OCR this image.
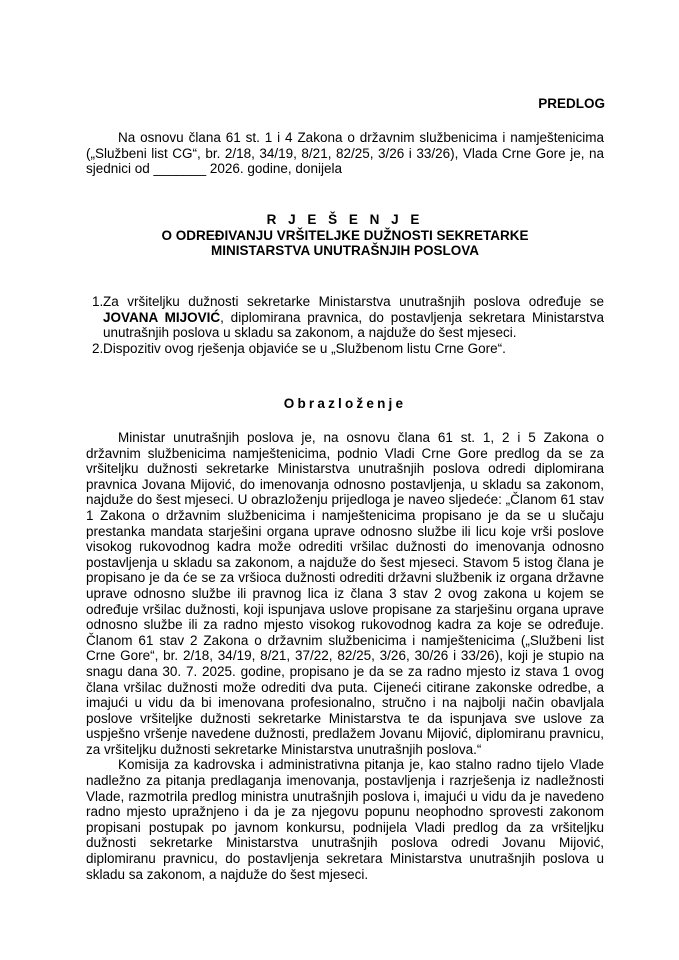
PREDLOG
Na osnovu člana 61 st. 1 i 4 Zakona o državnim službenicima i namještenicima („Službeni list CG“, br. 2/18, 34/19, 8/21, 82/25, 3/26 i 33/26), Vlada Crne Gore je, na sjednici od _______ 2026. godine, donijela
R J E Š E N J E
O ODREĐIVANJU VRŠITELJKE DUŽNOSTI SEKRETARKE
MINISTARSTVA UNUTRAŠNJIH POSLOVA
1. Za vršiteljku dužnosti sekretarke Ministarstva unutrašnjih poslova određuje se JOVANA MIJOVIĆ, diplomirana pravnica, do postavljenja sekretara Ministarstva unutrašnjih poslova u skladu sa zakonom, a najduže do šest mjeseci.
2. Dispozitiv ovog rješenja objaviće se u „Službenom listu Crne Gore“.
Obrazloženje

Ministar unutrašnjih poslova je, na osnovu člana 61 st. 1, 2 i 5 Zakona o državnim službenicima namještenicima, podnio Vladi Crne Gore predlog da se za vršiteljku dužnosti sekretarke Ministarstva unutrašnjih poslova odredi diplomirana pravnica Jovana Mijović, do imenovanja odnosno postavljenja, u skladu sa zakonom, najduže do šest mjeseci. U obrazloženju prijedloga je naveo sljedeće: „Članom 61 stav 1 Zakona o državnim službenicima i namještenicima propisano je da se u slučaju prestanka mandata starješini organa uprave odnosno službe ili licu koje vrši poslove visokog rukovodnog kadra može odrediti vršilac dužnosti do imenovanja odnosno postavljenja u skladu sa zakonom, a najduže do šest mjeseci. Stavom 5 istog člana je propisano je da će se za vršioca dužnosti odrediti državni službenik iz organa državne uprave odnosno službe ili pravnog lica iz člana 3 stav 2 ovog zakona u kojem se određuje vršilac dužnosti, koji ispunjava uslove propisane za starješinu organa uprave odnosno službe ili za radno mjesto visokog rukovodnog kadra za koje se određuje. Članom 61 stav 2 Zakona o državnim službenicima i namještenicima („Službeni list Crne Gore“, br. 2/18, 34/19, 8/21, 37/22, 82/25, 3/26, 30/26 i 33/26), koji je stupio na snagu dana 30. 7. 2025. godine, propisano je da se za radno mjesto iz stava 1 ovog člana vršilac dužnosti može odrediti dva puta. Cijeneći citirane zakonske odredbe, a imajući u vidu da bi imenovana profesionalno, stručno i na najbolji način obavljala poslove vršiteljke dužnosti sekretarke Ministarstva te da ispunjava sve uslove za uspješno vršenje navedene dužnosti, predlažem Jovanu Mijović, diplomiranu pravnicu, za vršiteljku dužnosti sekretarke Ministarstva unutrašnjih poslova.“

Komisija za kadrovska i administrativna pitanja je, kao stalno radno tijelo Vlade nadležno za pitanja predlaganja imenovanja, postavljenja i razrješenja iz nadležnosti Vlade, razmotrila predlog ministra unutrašnjih poslova i, imajući u vidu da je navedeno radno mjesto upražnjeno i da je za njegovu popunu neophodno sprovesti zakonom propisani postupak po javnom konkursu, podnijela Vladi predlog da za vršiteljku dužnosti sekretarke Ministarstva unutrašnjih poslova odredi Jovanu Mijović, diplomiranu pravnicu, do postavljenja sekretara Ministarstva unutrašnjih poslova u skladu sa zakonom, a najduže do šest mjeseci.
